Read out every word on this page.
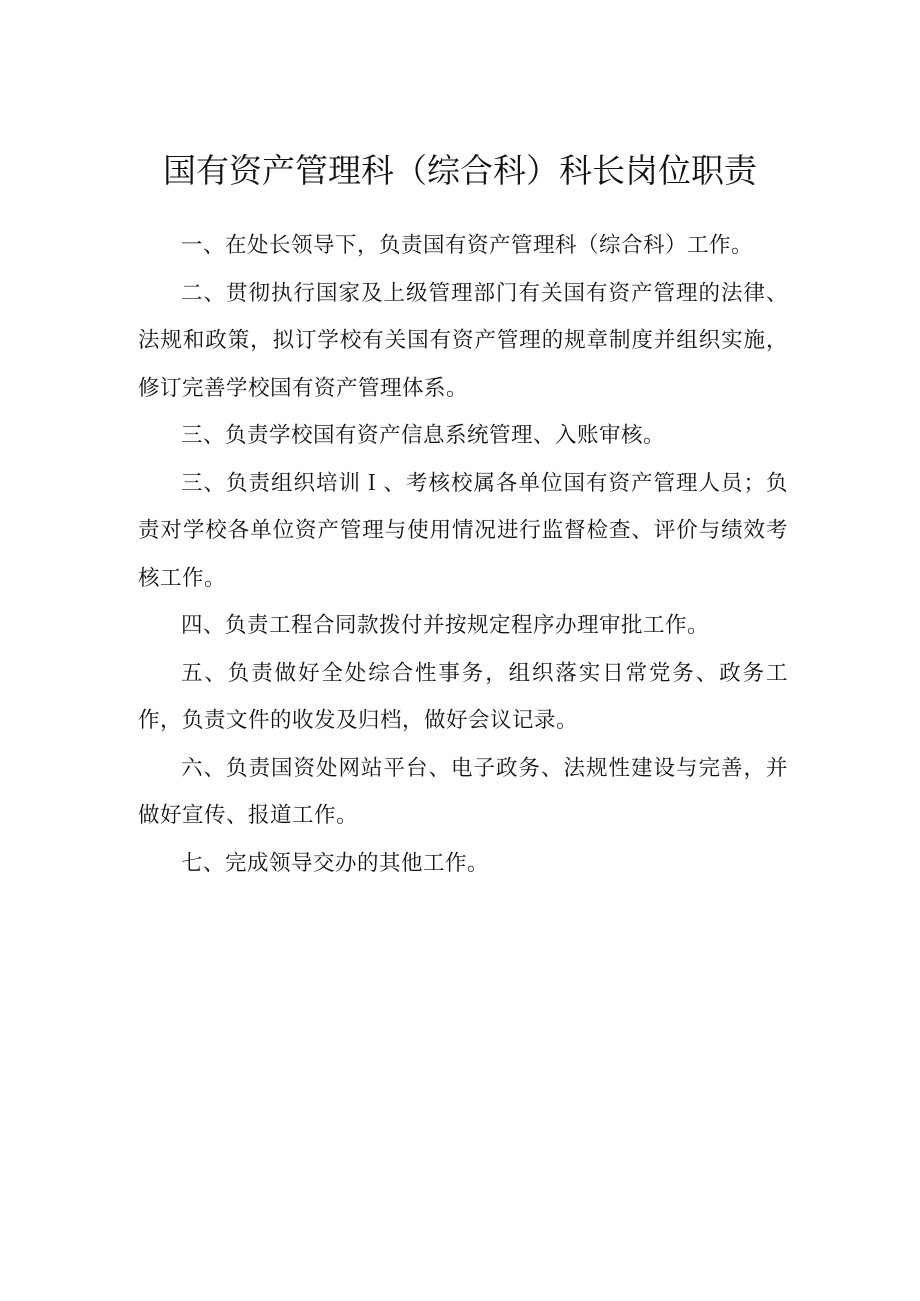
国有资产管理科（综合科）科长岗位职责

一、在处长领导下，负责国有资产管理科（综合科）工作。

二、贯彻执行国家及上级管理部门有关国有资产管理的法律、法规和政策，拟订学校有关国有资产管理的规章制度并组织实施，修订完善学校国有资产管理体系。

三、负责学校国有资产信息系统管理、入账审核。

三、负责组织培训Ｉ、考核校属各单位国有资产管理人员；负责对学校各单位资产管理与使用情况进行监督检查、评价与绩效考核工作。

四、负责工程合同款拨付并按规定程序办理审批工作。

五、负责做好全处综合性事务，组织落实日常党务、政务工作，负责文件的收发及归档，做好会议记录。

六、负责国资处网站平台、电子政务、法规性建设与完善，并做好宣传、报道工作。

七、完成领导交办的其他工作。
